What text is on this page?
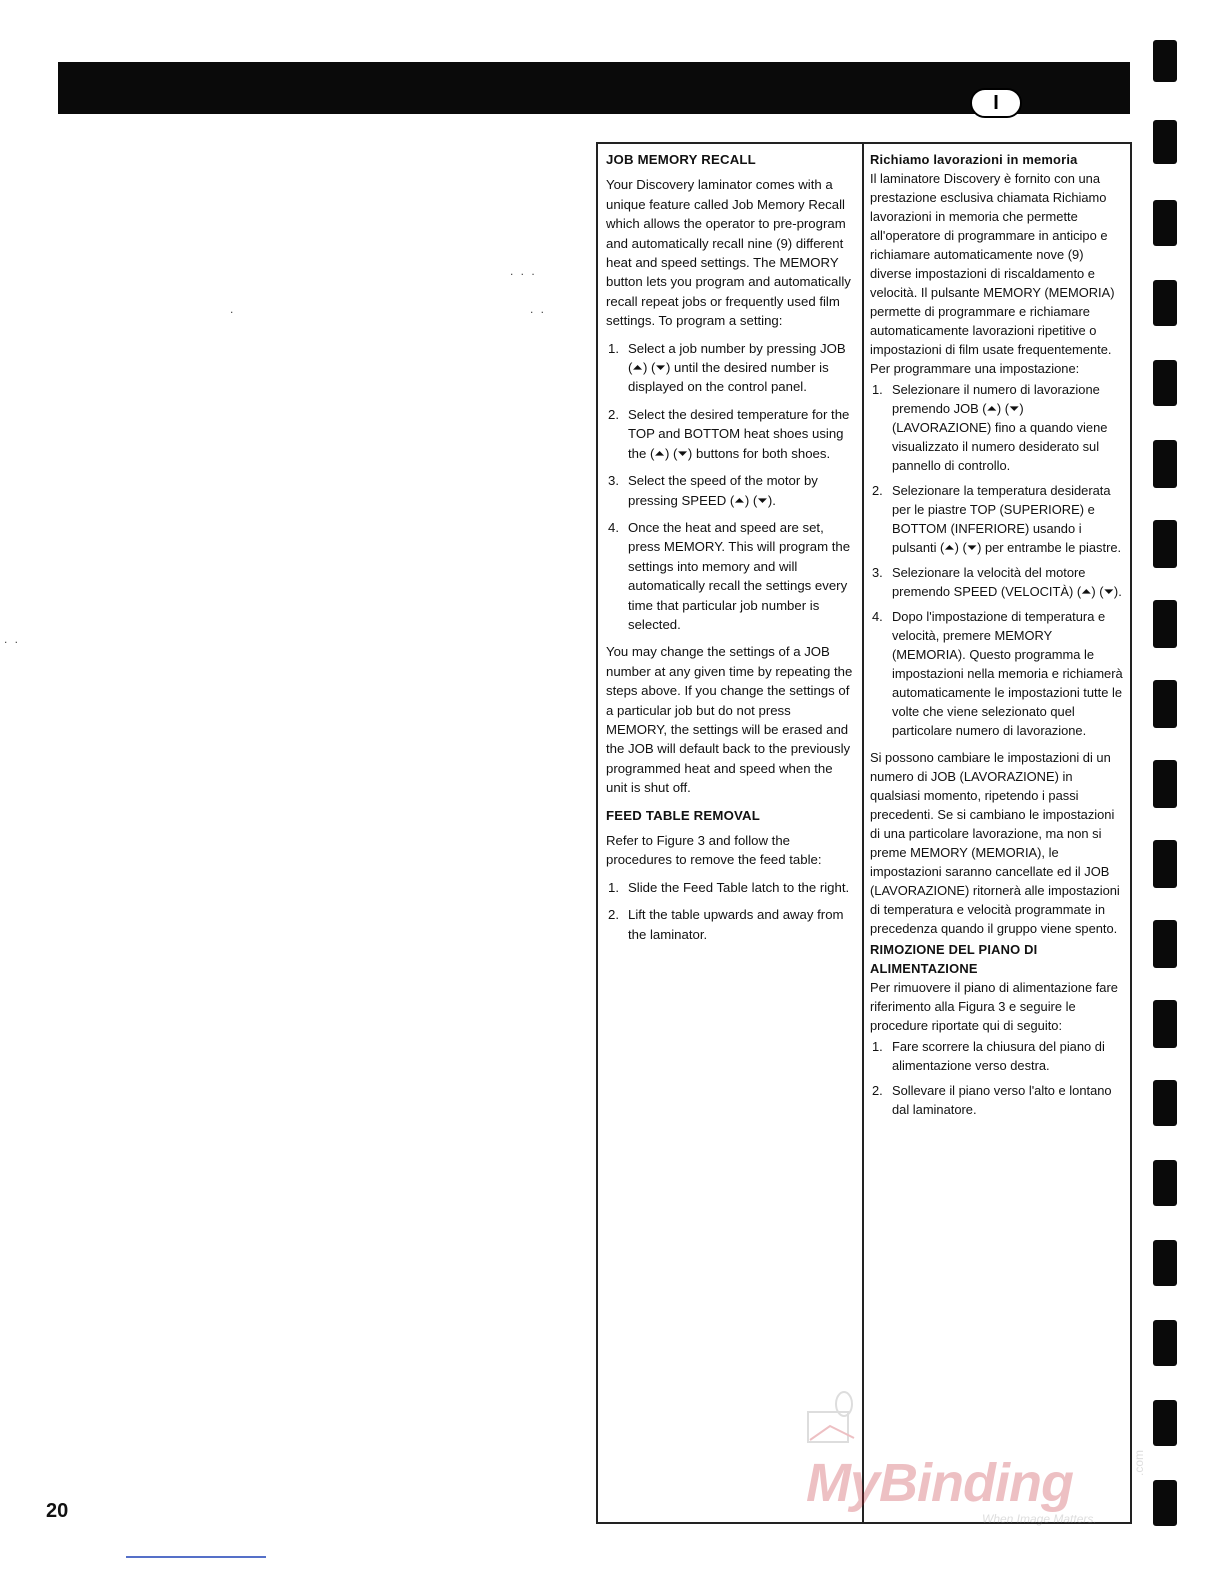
I
. . .
. .
.
. .
JOB MEMORY RECALL

Your Discovery laminator comes with a unique feature called Job Memory Recall which allows the operator to pre-program and automatically recall nine (9) different heat and speed settings. The MEMORY button lets you program and automatically recall repeat jobs or frequently used film settings. To program a setting:

1. Select a job number by pressing JOB (⏶) (⏷) until the desired number is displayed on the control panel.
2. Select the desired temperature for the TOP and BOTTOM heat shoes using the (⏶) (⏷) buttons for both shoes.
3. Select the speed of the motor by pressing SPEED (⏶) (⏷).
4. Once the heat and speed are set, press MEMORY. This will program the settings into memory and will automatically recall the settings every time that particular job number is selected.

You may change the settings of a JOB number at any given time by repeating the steps above. If you change the settings of a particular job but do not press MEMORY, the settings will be erased and the JOB will default back to the previously programmed heat and speed when the unit is shut off.

FEED TABLE REMOVAL

Refer to Figure 3 and follow the procedures to remove the feed table:

1. Slide the Feed Table latch to the right.
2. Lift the table upwards and away from the laminator.
Richiamo lavorazioni in memoria

Il laminatore Discovery è fornito con una prestazione esclusiva chiamata Richiamo lavorazioni in memoria che permette all'operatore di programmare in anticipo e richiamare automaticamente nove (9) diverse impostazioni di riscaldamento e velocità. Il pulsante MEMORY (MEMORIA) permette di programmare e richiamare automaticamente lavorazioni ripetitive o impostazioni di film usate frequentemente. Per programmare una impostazione:

1. Selezionare il numero di lavorazione premendo JOB (⏶) (⏷) (LAVORAZIONE) fino a quando viene visualizzato il numero desiderato sul pannello di controllo.
2. Selezionare la temperatura desiderata per le piastre TOP (SUPERIORE) e BOTTOM (INFERIORE) usando i pulsanti (⏶) (⏷) per entrambe le piastre.
3. Selezionare la velocità del motore premendo SPEED (VELOCITÀ) (⏶) (⏷).
4. Dopo l'impostazione di temperatura e velocità, premere MEMORY (MEMORIA). Questo programma le impostazioni nella memoria e richiamerà automaticamente le impostazioni tutte le volte che viene selezionato quel particolare numero di lavorazione.

Si possono cambiare le impostazioni di un numero di JOB (LAVORAZIONE) in qualsiasi momento, ripetendo i passi precedenti. Se si cambiano le impostazioni di una particolare lavorazione, ma non si preme MEMORY (MEMORIA), le impostazioni saranno cancellate ed il JOB (LAVORAZIONE) ritornerà alle impostazioni di temperatura e velocità programmate in precedenza quando il gruppo viene spento.

RIMOZIONE DEL PIANO DI ALIMENTAZIONE

Per rimuovere il piano di alimentazione fare riferimento alla Figura 3 e seguire le procedure riportate qui di seguito:

1. Fare scorrere la chiusura del piano di alimentazione verso destra.
2. Sollevare il piano verso l'alto e lontano dal laminatore.
MyBinding
When Image Matters.
.com
20
